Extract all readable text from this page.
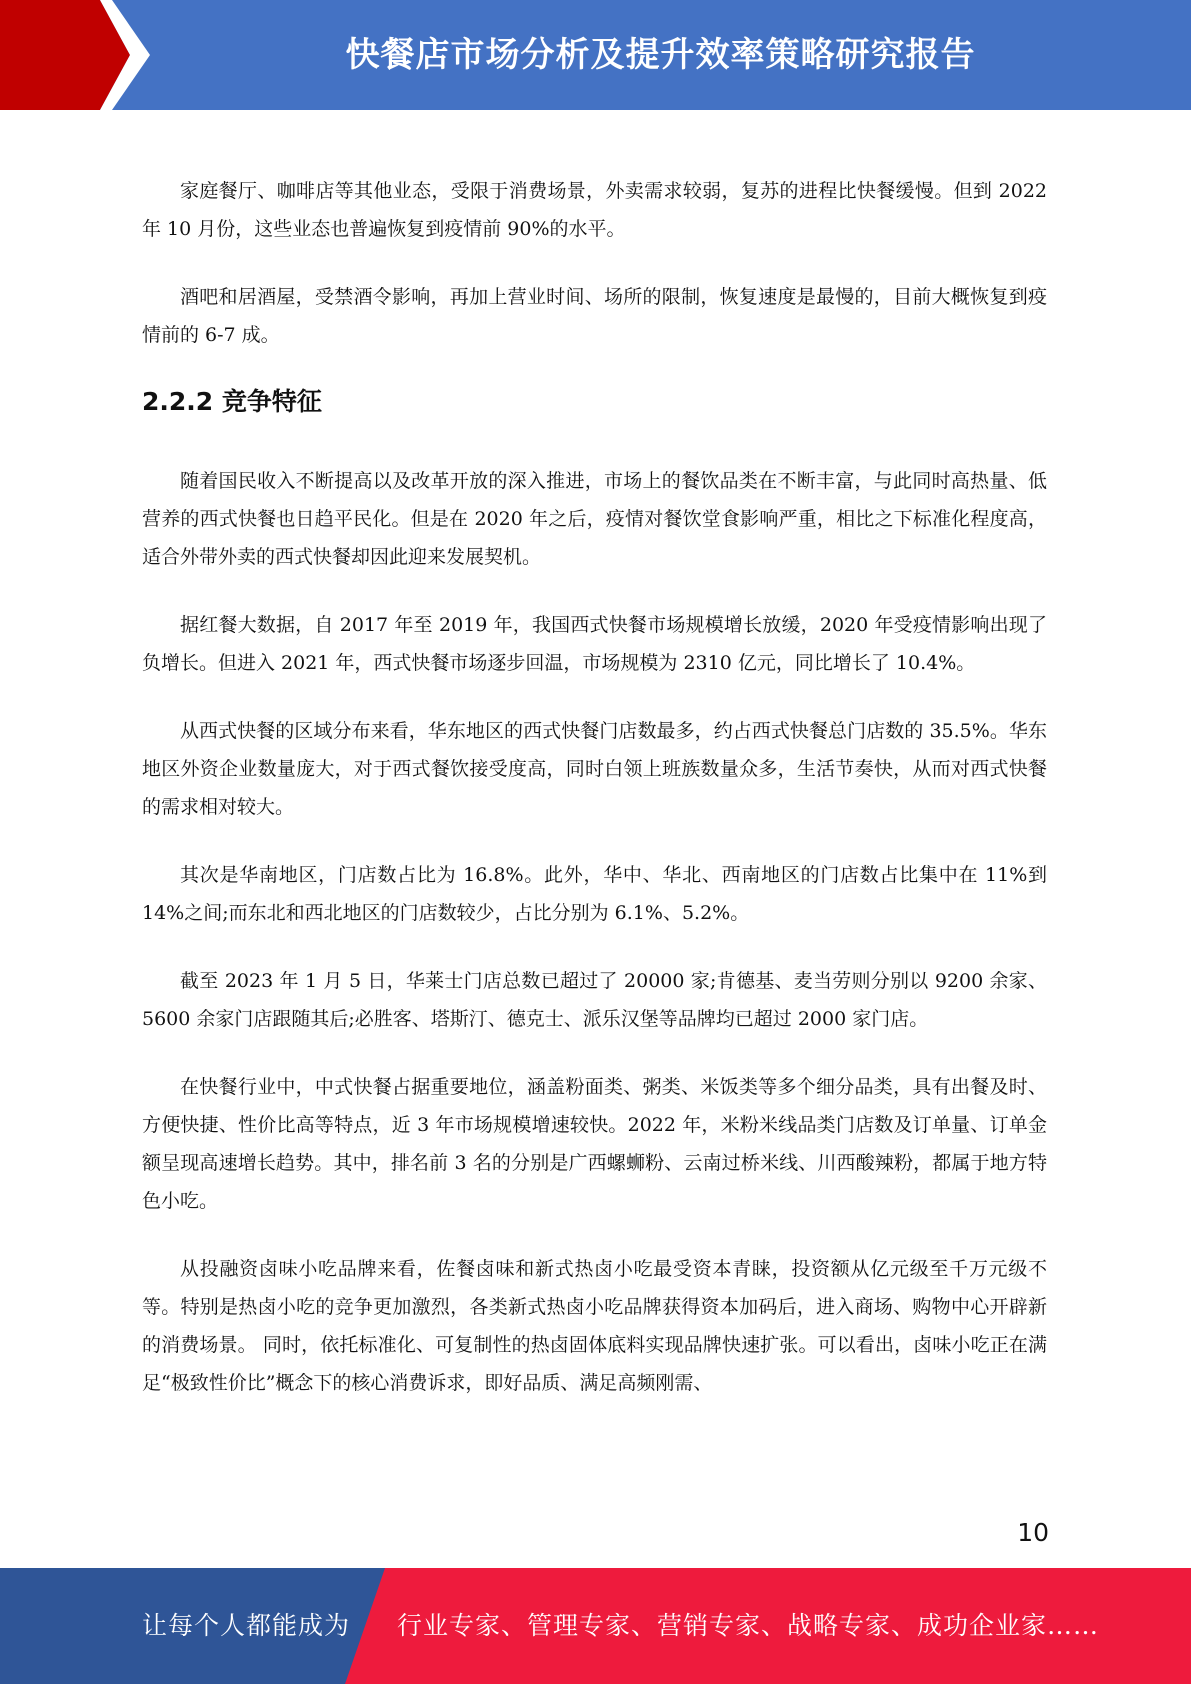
快餐店市场分析及提升效率策略研究报告

家庭餐厅、咖啡店等其他业态，受限于消费场景，外卖需求较弱，复苏的进程比快餐缓慢。但到 2022 年 10 月份，这些业态也普遍恢复到疫情前 90%的水平。

酒吧和居酒屋，受禁酒令影响，再加上营业时间、场所的限制，恢复速度是最慢的，目前大概恢复到疫情前的 6-7 成。

2.2.2 竞争特征

随着国民收入不断提高以及改革开放的深入推进，市场上的餐饮品类在不断丰富，与此同时高热量、低营养的西式快餐也日趋平民化。但是在 2020 年之后，疫情对餐饮堂食影响严重，相比之下标准化程度高，适合外带外卖的西式快餐却因此迎来发展契机。

据红餐大数据，自 2017 年至 2019 年，我国西式快餐市场规模增长放缓，2020 年受疫情影响出现了负增长。但进入 2021 年，西式快餐市场逐步回温，市场规模为 2310 亿元，同比增长了 10.4%。

从西式快餐的区域分布来看，华东地区的西式快餐门店数最多，约占西式快餐总门店数的 35.5%。华东地区外资企业数量庞大，对于西式餐饮接受度高，同时白领上班族数量众多，生活节奏快，从而对西式快餐的需求相对较大。

其次是华南地区，门店数占比为 16.8%。此外，华中、华北、西南地区的门店数占比集中在 11%到 14%之间;而东北和西北地区的门店数较少，占比分别为 6.1%、5.2%。

截至 2023 年 1 月 5 日，华莱士门店总数已超过了 20000 家;肯德基、麦当劳则分别以 9200 余家、5600 余家门店跟随其后;必胜客、塔斯汀、德克士、派乐汉堡等品牌均已超过 2000 家门店。

在快餐行业中，中式快餐占据重要地位，涵盖粉面类、粥类、米饭类等多个细分品类，具有出餐及时、方便快捷、性价比高等特点，近 3 年市场规模增速较快。2022 年，米粉米线品类门店数及订单量、订单金额呈现高速增长趋势。其中，排名前 3 名的分别是广西螺蛳粉、云南过桥米线、川西酸辣粉，都属于地方特色小吃。

从投融资卤味小吃品牌来看，佐餐卤味和新式热卤小吃最受资本青睐，投资额从亿元级至千万元级不等。特别是热卤小吃的竞争更加激烈，各类新式热卤小吃品牌获得资本加码后，进入商场、购物中心开辟新的消费场景。 同时，依托标准化、可复制性的热卤固体底料实现品牌快速扩张。可以看出，卤味小吃正在满足“极致性价比”概念下的核心消费诉求，即好品质、满足高频刚需、

10
让每个人都能成为 行业专家、管理专家、营销专家、战略专家、成功企业家……
